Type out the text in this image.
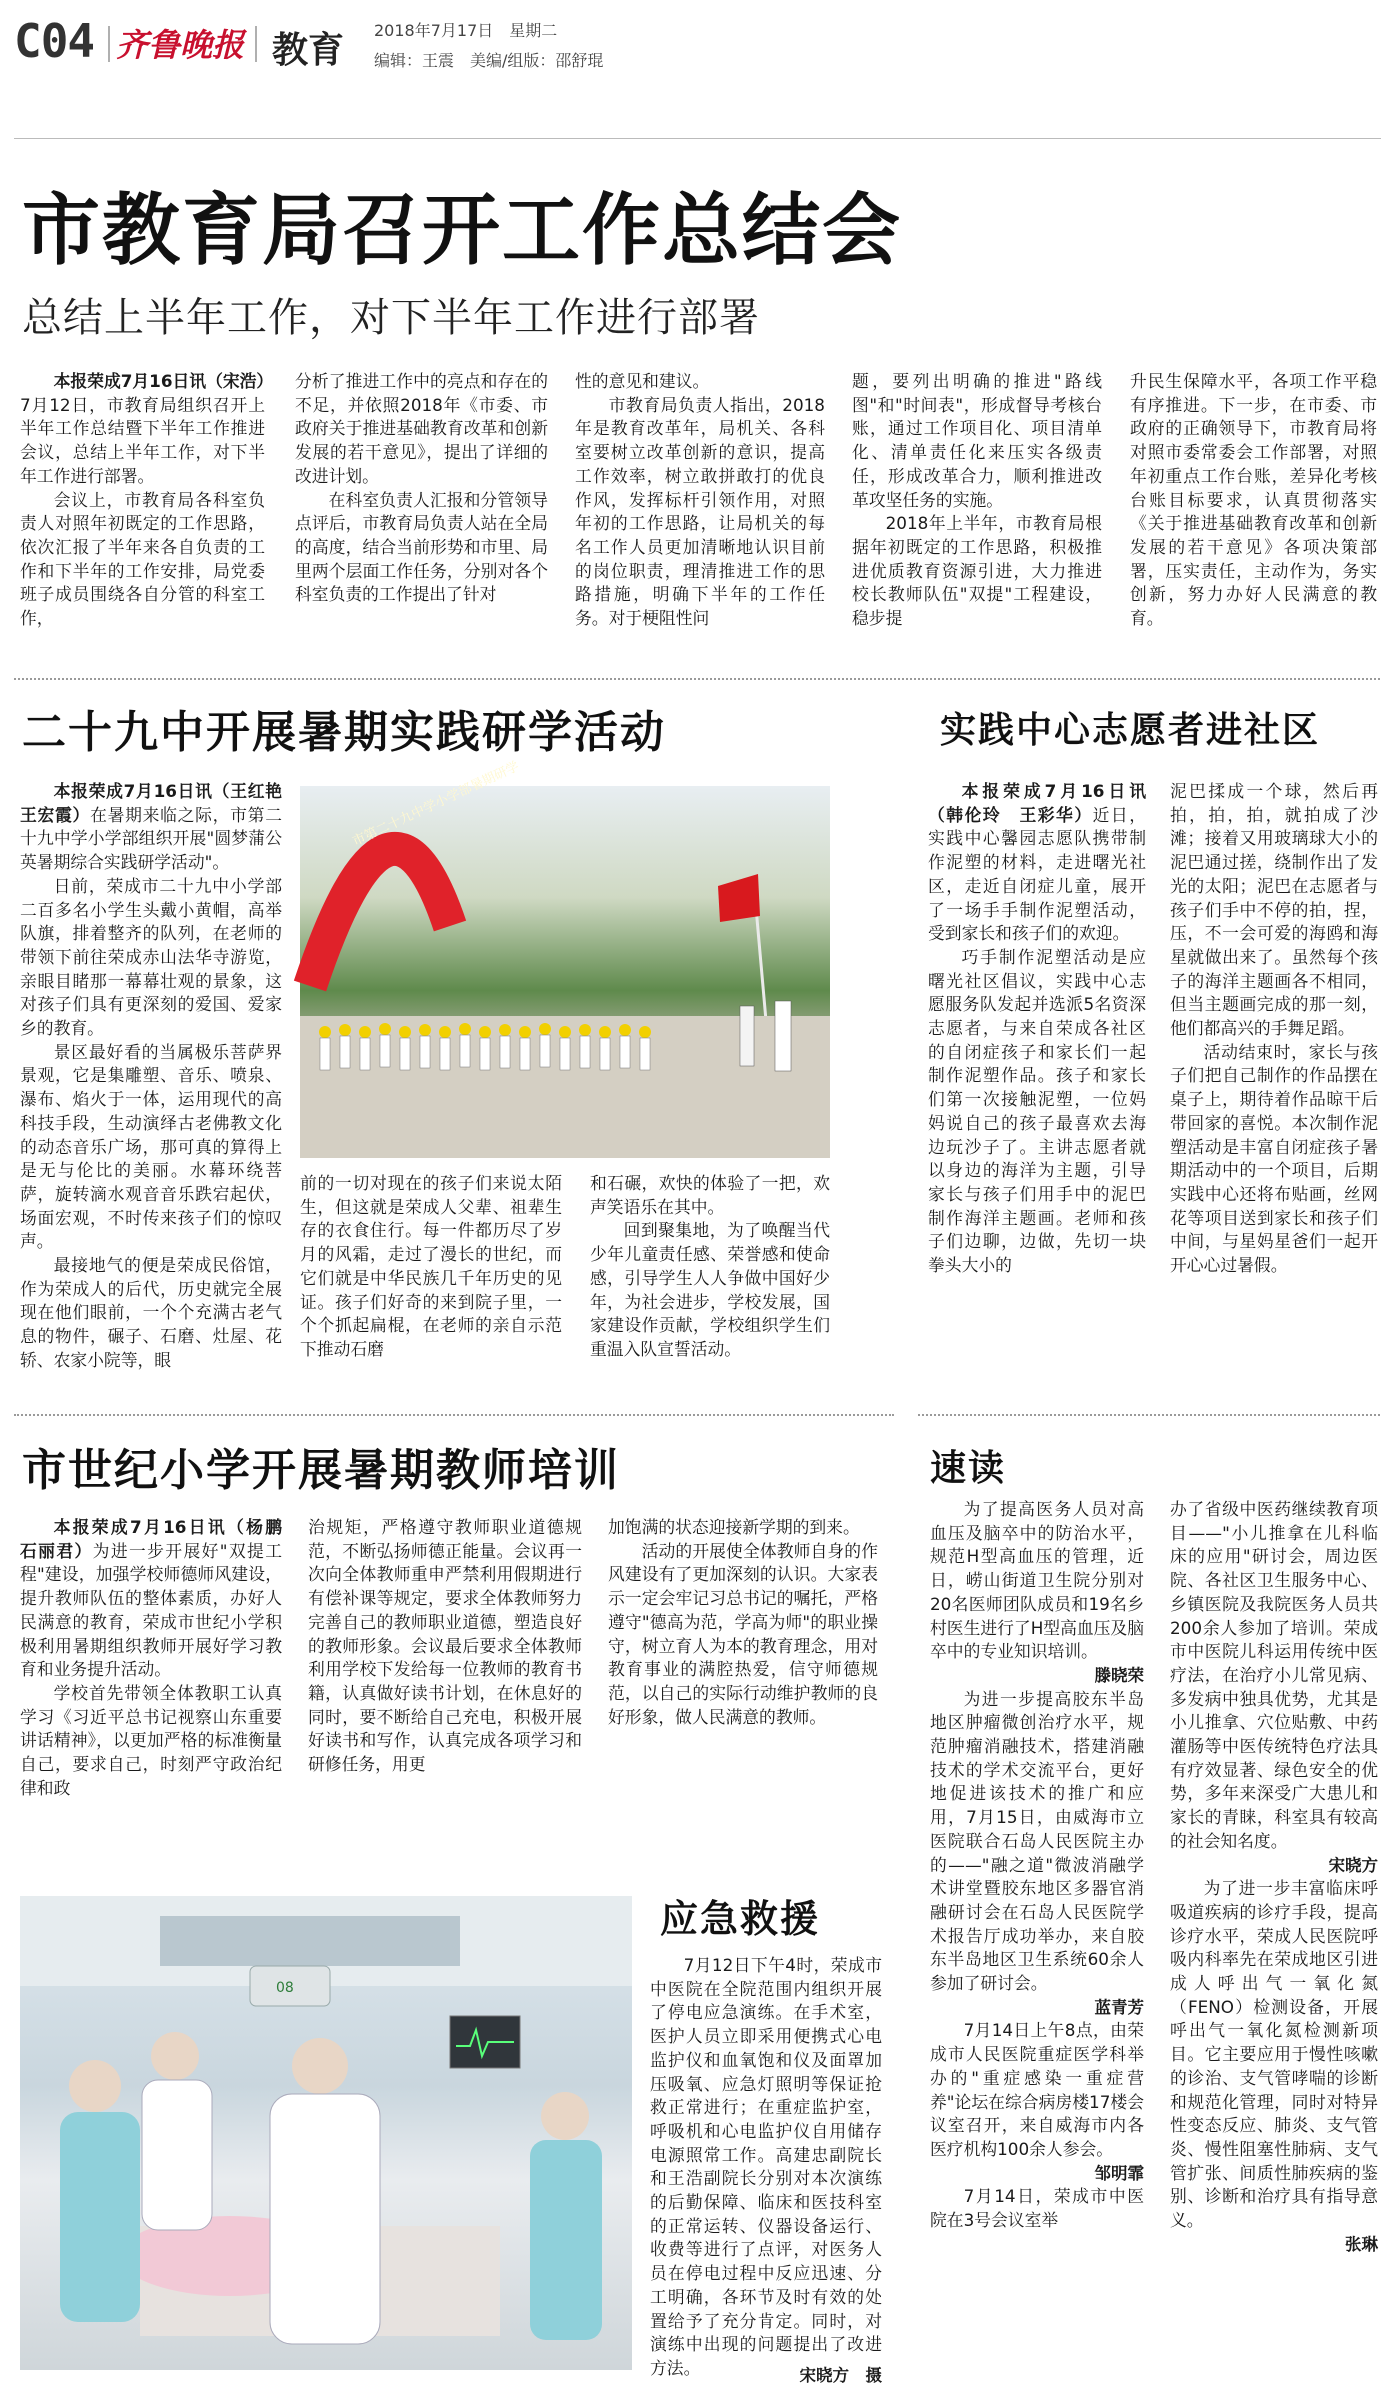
C04 齐鲁晚报 教育 2018年7月17日　星期二
编辑：王震　美编/组版：邵舒琨
市教育局召开工作总结会
总结上半年工作，对下半年工作进行部署

本报荣成7月16日讯（宋浩）7月12日，市教育局组织召开上半年工作总结暨下半年工作推进会议，总结上半年工作，对下半年工作进行部署。

会议上，市教育局各科室负责人对照年初既定的工作思路，依次汇报了半年来各自负责的工作和下半年的工作安排，局党委班子成员围绕各自分管的科室工作，

分析了推进工作中的亮点和存在的不足，并依照2018年《市委、市政府关于推进基础教育改革和创新发展的若干意见》，提出了详细的改进计划。

在科室负责人汇报和分管领导点评后，市教育局负责人站在全局的高度，结合当前形势和市里、局里两个层面工作任务，分别对各个科室负责的工作提出了针对

性的意见和建议。

市教育局负责人指出，2018年是教育改革年，局机关、各科室要树立改革创新的意识，提高工作效率，树立敢拼敢打的优良作风，发挥标杆引领作用，对照年初的工作思路，让局机关的每名工作人员更加清晰地认识目前的岗位职责，理清推进工作的思路措施，明确下半年的工作任务。对于梗阻性问

题，要列出明确的推进"路线图"和"时间表"，形成督导考核台账，通过工作项目化、项目清单化、清单责任化来压实各级责任，形成改革合力，顺利推进改革攻坚任务的实施。

2018年上半年，市教育局根据年初既定的工作思路，积极推进优质教育资源引进，大力推进校长教师队伍"双提"工程建设，稳步提

升民生保障水平，各项工作平稳有序推进。下一步，在市委、市政府的正确领导下，市教育局将对照市委常委会工作部署，对照年初重点工作台账，差异化考核台账目标要求，认真贯彻落实《关于推进基础教育改革和创新发展的若干意见》各项决策部署，压实责任，主动作为，务实创新，努力办好人民满意的教育。

二十九中开展暑期实践研学活动

本报荣成7月16日讯（王红艳　王宏霞）在暑期来临之际，市第二十九中学小学部组织开展"圆梦蒲公英暑期综合实践研学活动"。

日前，荣成市二十九中小学部二百多名小学生头戴小黄帽，高举队旗，排着整齐的队列，在老师的带领下前往荣成赤山法华寺游览，亲眼目睹那一幕幕壮观的景象，这对孩子们具有更深刻的爱国、爱家乡的教育。

景区最好看的当属极乐菩萨界景观，它是集雕塑、音乐、喷泉、瀑布、焰火于一体，运用现代的高科技手段，生动演绎古老佛教文化的动态音乐广场，那可真的算得上是无与伦比的美丽。水幕环绕菩萨，旋转滴水观音音乐跌宕起伏，场面宏观，不时传来孩子们的惊叹声。

最接地气的便是荣成民俗馆，作为荣成人的后代，历史就完全展现在他们眼前，一个个充满古老气息的物件，碾子、石磨、灶屋、花轿、农家小院等，眼

市第二十九中学小学部暑期研学

前的一切对现在的孩子们来说太陌生，但这就是荣成人父辈、祖辈生存的衣食住行。每一件都历尽了岁月的风霜，走过了漫长的世纪，而它们就是中华民族几千年历史的见证。孩子们好奇的来到院子里，一个个抓起扁棍，在老师的亲自示范下推动石磨

和石碾，欢快的体验了一把，欢声笑语乐在其中。

回到聚集地，为了唤醒当代少年儿童责任感、荣誉感和使命感，引导学生人人争做中国好少年，为社会进步，学校发展，国家建设作贡献，学校组织学生们重温入队宣誓活动。

实践中心志愿者进社区

本报荣成7月16日讯（韩伦玲　王彩华）近日，实践中心馨园志愿队携带制作泥塑的材料，走进曙光社区，走近自闭症儿童，展开了一场手手制作泥塑活动，受到家长和孩子们的欢迎。

巧手制作泥塑活动是应曙光社区倡议，实践中心志愿服务队发起并选派5名资深志愿者，与来自荣成各社区的自闭症孩子和家长们一起制作泥塑作品。孩子和家长们第一次接触泥塑，一位妈妈说自己的孩子最喜欢去海边玩沙子了。主讲志愿者就以身边的海洋为主题，引导家长与孩子们用手中的泥巴制作海洋主题画。老师和孩子们边聊，边做，先切一块拳头大小的

泥巴揉成一个球，然后再拍，拍，拍，就拍成了沙滩；接着又用玻璃球大小的泥巴通过搓，绕制作出了发光的太阳；泥巴在志愿者与孩子们手中不停的拍，捏，压，不一会可爱的海鸥和海星就做出来了。虽然每个孩子的海洋主题画各不相同，但当主题画完成的那一刻，他们都高兴的手舞足蹈。

活动结束时，家长与孩子们把自己制作的作品摆在桌子上，期待着作品晾干后带回家的喜悦。本次制作泥塑活动是丰富自闭症孩子暑期活动中的一个项目，后期实践中心还将布贴画，丝网花等项目送到家长和孩子们中间，与星妈星爸们一起开开心心过暑假。

市世纪小学开展暑期教师培训

本报荣成7月16日讯（杨鹏　石丽君）为进一步开展好"双提工程"建设，加强学校师德师风建设，提升教师队伍的整体素质，办好人民满意的教育，荣成市世纪小学积极利用暑期组织教师开展好学习教育和业务提升活动。

学校首先带领全体教职工认真学习《习近平总书记视察山东重要讲话精神》，以更加严格的标准衡量自己，要求自己，时刻严守政治纪律和政

治规矩，严格遵守教师职业道德规范，不断弘扬师德正能量。会议再一次向全体教师重申严禁利用假期进行有偿补课等规定，要求全体教师努力完善自己的教师职业道德，塑造良好的教师形象。会议最后要求全体教师利用学校下发给每一位教师的教育书籍，认真做好读书计划，在休息好的同时，要不断给自己充电，积极开展好读书和写作，认真完成各项学习和研修任务，用更

加饱满的状态迎接新学期的到来。

活动的开展使全体教师自身的作风建设有了更加深刻的认识。大家表示一定会牢记习总书记的嘱托，严格遵守"德高为范，学高为师"的职业操守，树立育人为本的教育理念，用对教育事业的满腔热爱，信守师德规范，以自己的实际行动维护教师的良好形象，做人民满意的教师。

08
应急救援

7月12日下午4时，荣成市中医院在全院范围内组织开展了停电应急演练。在手术室，医护人员立即采用便携式心电监护仪和血氧饱和仪及面罩加压吸氧、应急灯照明等保证抢救正常进行；在重症监护室，呼吸机和心电监护仪自用储存电源照常工作。高建忠副院长和王浩副院长分别对本次演练的后勤保障、临床和医技科室的正常运转、仪器设备运行、收费等进行了点评，对医务人员在停电过程中反应迅速、分工明确，各环节及时有效的处置给予了充分肯定。同时，对演练中出现的问题提出了改进方法。	宋晓方　摄
速读

为了提高医务人员对高血压及脑卒中的防治水平，规范H型高血压的管理，近日，崂山街道卫生院分别对20名医师团队成员和19名乡村医生进行了H型高血压及脑卒中的专业知识培训。

滕晓荣

为进一步提高胶东半岛地区肿瘤微创治疗水平，规范肿瘤消融技术，搭建消融技术的学术交流平台，更好地促进该技术的推广和应用，7月15日，由威海市立医院联合石岛人民医院主办的——"融之道"微波消融学术讲堂暨胶东地区多器官消融研讨会在石岛人民医院学术报告厅成功举办，来自胶东半岛地区卫生系统60余人参加了研讨会。

蓝青芳

7月14日上午8点，由荣成市人民医院重症医学科举办的"重症感染一重症营养"论坛在综合病房楼17楼会议室召开，来自威海市内各医疗机构100余人参会。

邹明霏

7月14日，荣成市中医院在3号会议室举

办了省级中医药继续教育项目——"小儿推拿在儿科临床的应用"研讨会，周边医院、各社区卫生服务中心、乡镇医院及我院医务人员共200余人参加了培训。荣成市中医院儿科运用传统中医疗法，在治疗小儿常见病、多发病中独具优势，尤其是小儿推拿、穴位贴敷、中药灌肠等中医传统特色疗法具有疗效显著、绿色安全的优势，多年来深受广大患儿和家长的青睐，科室具有较高的社会知名度。

宋晓方

为了进一步丰富临床呼吸道疾病的诊疗手段，提高诊疗水平，荣成人民医院呼吸内科率先在荣成地区引进成人呼出气一氧化氮（FENO）检测设备，开展呼出气一氧化氮检测新项目。它主要应用于慢性咳嗽的诊治、支气管哮喘的诊断和规范化管理，同时对特异性变态反应、肺炎、支气管炎、慢性阻塞性肺病、支气管扩张、间质性肺疾病的鉴别、诊断和治疗具有指导意义。

张琳
